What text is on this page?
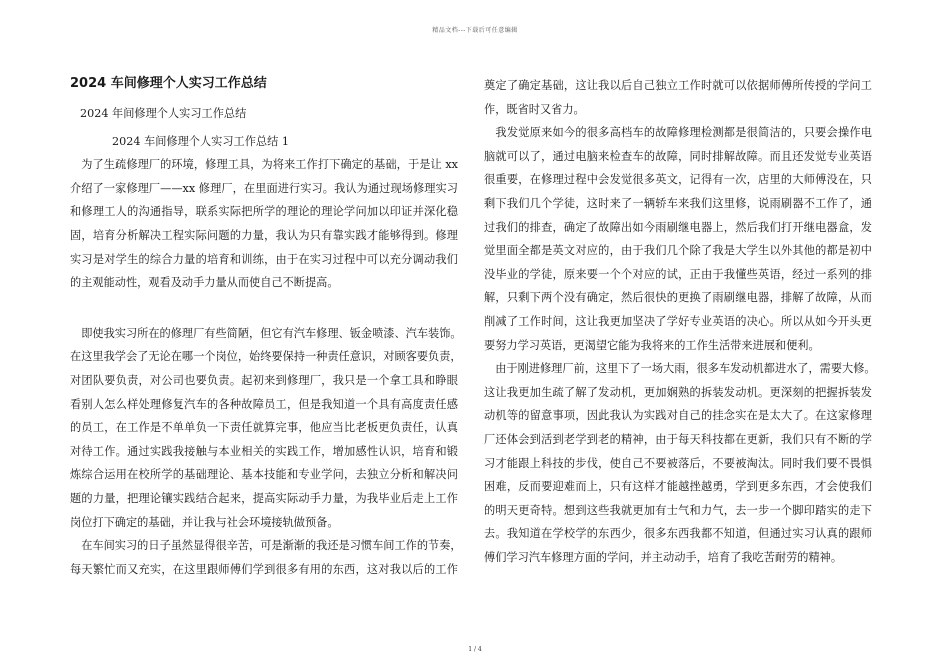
精品文档---下载后可任意编辑
2024 车间修理个人实习工作总结

2024 年间修理个人实习工作总结

2024 车间修理个人实习工作总结 1

　为了生疏修理厂的环境，修理工具，为将来工作打下确定的基础，于是让 xx

介绍了一家修理厂——xx 修理厂，在里面进行实习。我认为通过现场修理实习

和修理工人的沟通指导，联系实际把所学的理论的理论学问加以印证并深化稳

固，培育分析解决工程实际问题的力量，我认为只有靠实践才能够得到。修理

实习是对学生的综合力量的培育和训练，由于在实习过程中可以充分调动我们

的主观能动性，观看及动手力量从而使自己不断提高。

　即使我实习所在的修理厂有些简陋，但它有汽车修理、钣金喷漆、汽车装饰。

在这里我学会了无论在哪一个岗位，始终要保持一种责任意识，对顾客要负责，

对团队要负责，对公司也要负责。起初来到修理厂，我只是一个拿工具和睁眼

看别人怎么样处理修复汽车的各种故障员工，但是我知道一个具有高度责任感

的员工，在工作是不单单负一下责任就算完事，他应当比老板更负责任，认真

对待工作。通过实践我接触与本业相关的实践工作，增加感性认识，培育和锻

炼综合运用在校所学的基础理论、基本技能和专业学问，去独立分析和解决问

题的力量，把理论镶实践结合起来，提高实际动手力量，为我毕业后走上工作

岗位打下确定的基础，并让我与社会环境接轨做预备。

　在车间实习的日子虽然显得很辛苦，可是渐渐的我还是习惯车间工作的节奏，

每天繁忙而又充实，在这里跟师傅们学到很多有用的东西，这对我以后的工作

奠定了确定基础，这让我以后自己独立工作时就可以依据师傅所传授的学问工

作，既省时又省力。

　我发觉原来如今的很多高档车的故障修理检测都是很简洁的，只要会操作电

脑就可以了，通过电脑来检查车的故障，同时排解故障。而且还发觉专业英语

很重要，在修理过程中会发觉很多英文，记得有一次，店里的大师傅没在，只

剩下我们几个学徒，这时来了一辆轿车来我们这里修，说雨刷器不工作了，通

过我们的排查，确定了故障出如今雨刷继电器上，然后我们打开继电器盒，发

觉里面全都是英文对应的，由于我们几个除了我是大学生以外其他的都是初中

没毕业的学徒，原来要一个个对应的试，正由于我懂些英语，经过一系列的排

解，只剩下两个没有确定，然后很快的更换了雨刷继电器，排解了故障，从而

削减了工作时间，这让我更加坚决了学好专业英语的决心。所以从如今开头更

要努力学习英语，更渴望它能为我将来的工作生活带来进展和便利。

　由于刚进修理厂前，这里下了一场大雨，很多车发动机都进水了，需要大修。

这让我更加生疏了解了发动机，更加娴熟的拆装发动机。更深刻的把握拆装发

动机等的留意事项，因此我认为实践对自己的挂念实在是太大了。在这家修理

厂还体会到活到老学到老的精神，由于每天科技都在更新，我们只有不断的学

习才能跟上科技的步伐，使自己不要被落后，不要被淘汰。同时我们要不畏惧

困难，反而要迎难而上，只有这样才能越挫越勇，学到更多东西，才会使我们

的明天更奇特。想到这些我就更加有士气和力气，去一步一个脚印踏实的走下

去。我知道在学校学的东西少，很多东西我都不知道，但通过实习认真的跟师

傅们学习汽车修理方面的学问，并主动动手，培育了我吃苦耐劳的精神。

1 / 4
